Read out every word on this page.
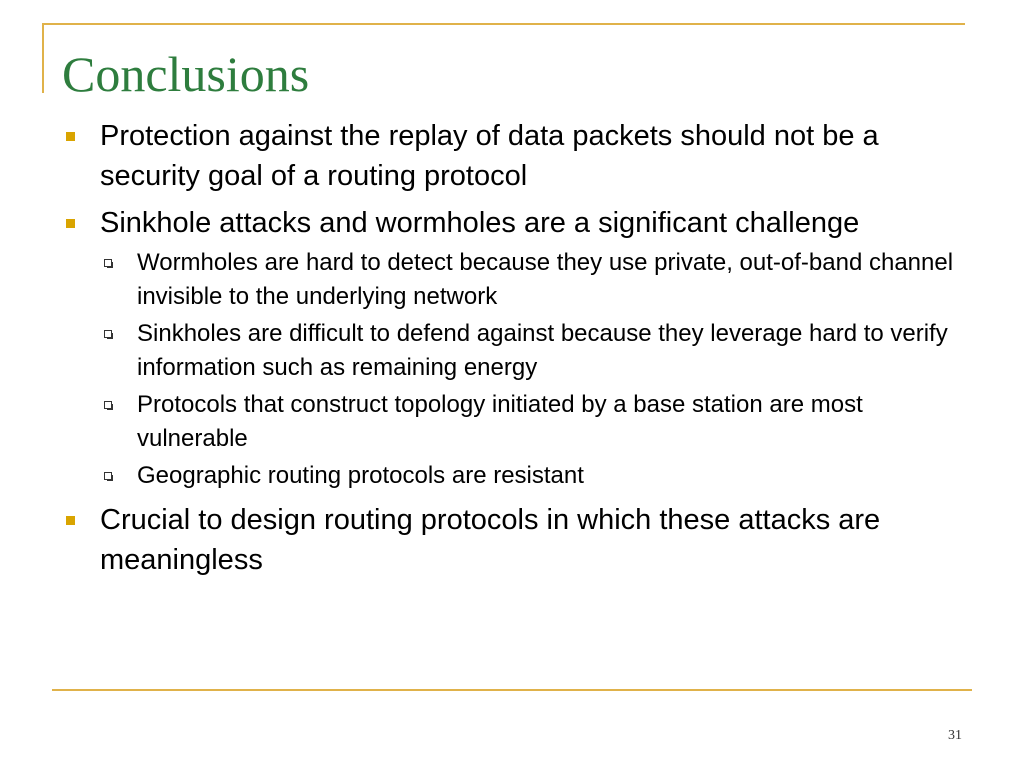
Conclusions
Protection against the replay of data packets should not be a security goal of a routing protocol
Sinkhole attacks and wormholes are a significant challenge
Wormholes are hard to detect because they use private, out-of-band channel invisible to the underlying network
Sinkholes are difficult to defend against because they leverage hard to verify information such as remaining energy
Protocols that construct topology initiated by a base station are most vulnerable
Geographic routing protocols are resistant
Crucial to design routing protocols in which these attacks are meaningless
31
